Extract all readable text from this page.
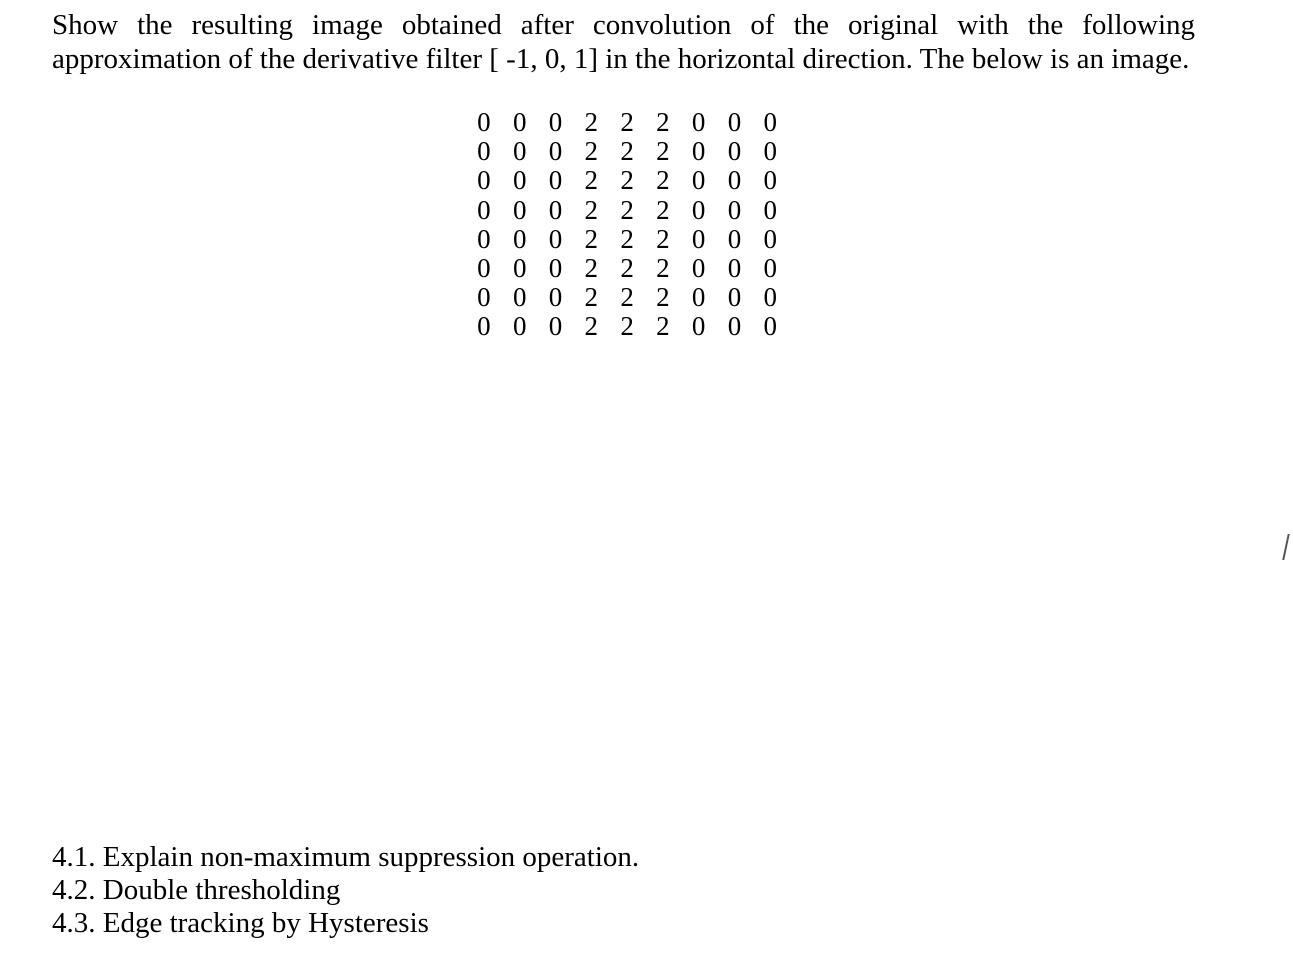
Show the resulting image obtained after convolution of the original with the following
approximation of the derivative filter [ -1, 0, 1] in the horizontal direction. The below is an image.
0 0 0 2 2 2 0 0 0
0 0 0 2 2 2 0 0 0
0 0 0 2 2 2 0 0 0
0 0 0 2 2 2 0 0 0
0 0 0 2 2 2 0 0 0
0 0 0 2 2 2 0 0 0
0 0 0 2 2 2 0 0 0
0 0 0 2 2 2 0 0 0
4.1. Explain non-maximum suppression operation.
4.2. Double thresholding
4.3. Edge tracking by Hysteresis
